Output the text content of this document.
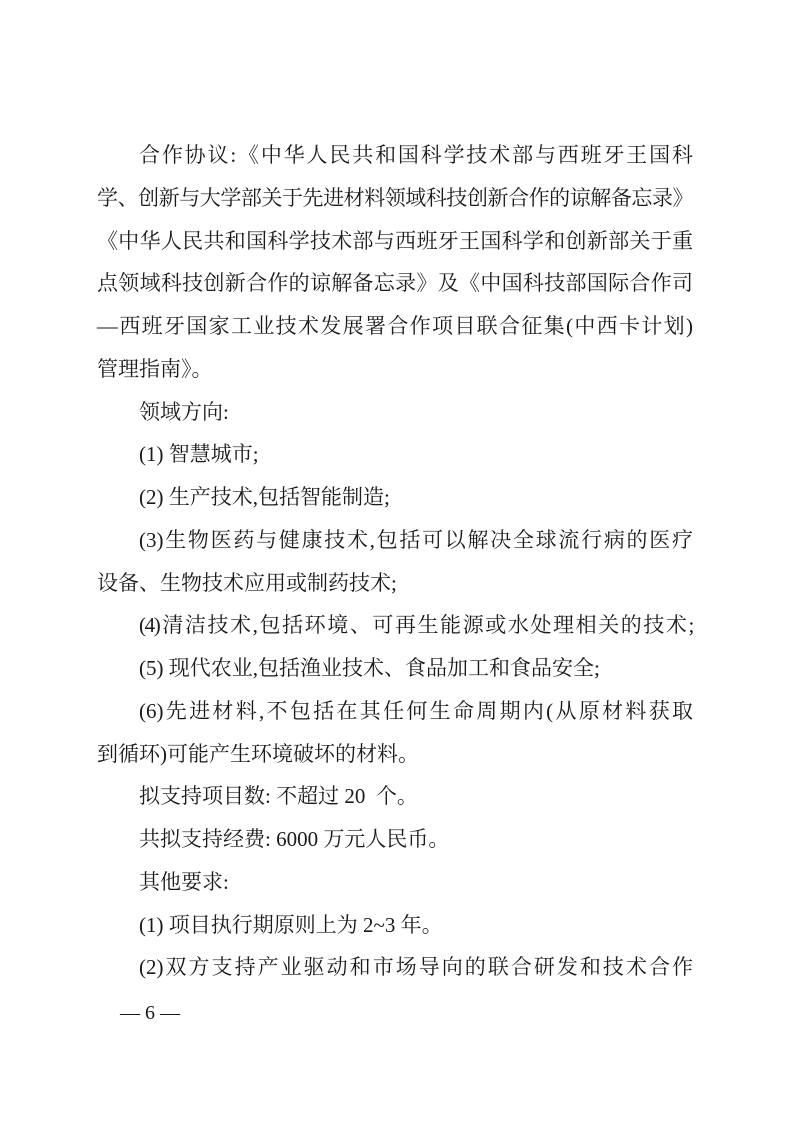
合作协议:《中华人民共和国科学技术部与西班牙王国科
学、创新与大学部关于先进材料领域科技创新合作的谅解备忘录》
《中华人民共和国科学技术部与西班牙王国科学和创新部关于重
点领域科技创新合作的谅解备忘录》及《中国科技部国际合作司
—西班牙国家工业技术发展署合作项目联合征集(中西卡计划)
管理指南》。
领域方向:
(1) 智慧城市;
(2) 生产技术,包括智能制造;
(3)生物医药与健康技术,包括可以解决全球流行病的医疗
设备、生物技术应用或制药技术;
(4)清洁技术,包括环境、可再生能源或水处理相关的技术;
(5) 现代农业,包括渔业技术、食品加工和食品安全;
(6)先进材料,不包括在其任何生命周期内(从原材料获取
到循环)可能产生环境破坏的材料。
拟支持项目数: 不超过 20  个。
共拟支持经费: 6000 万元人民币。
其他要求:
(1) 项目执行期原则上为 2~3 年。
(2)双方支持产业驱动和市场导向的联合研发和技术合作
— 6 —
